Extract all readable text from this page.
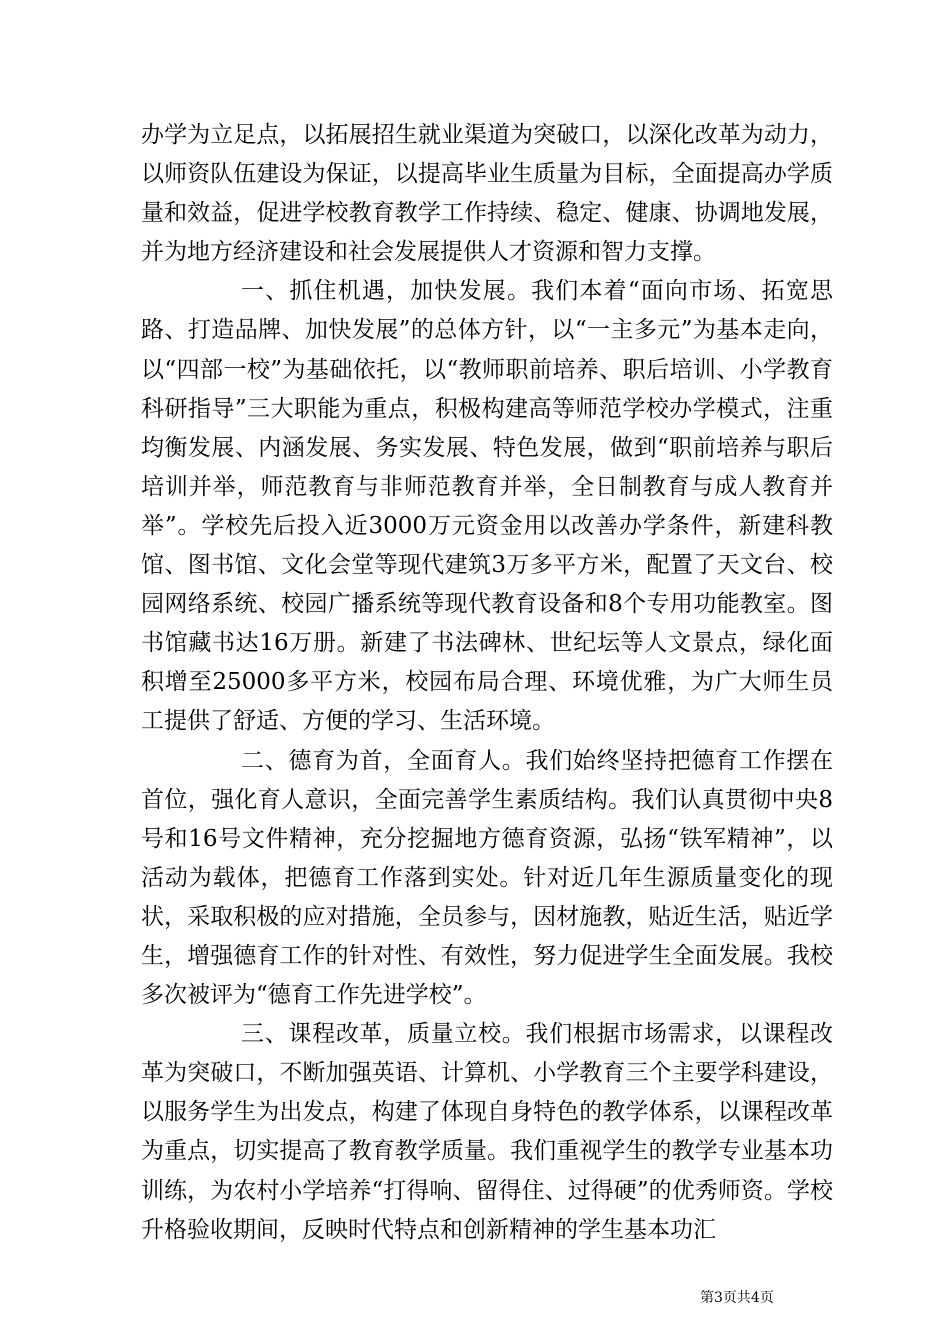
办学为立足点，以拓展招生就业渠道为突破口，以深化改革为动力，以师资队伍建设为保证，以提高毕业生质量为目标，全面提高办学质量和效益，促进学校教育教学工作持续、稳定、健康、协调地发展，并为地方经济建设和社会发展提供人才资源和智力支撑。

一、抓住机遇，加快发展。我们本着“面向市场、拓宽思路、打造品牌、加快发展”的总体方针，以“一主多元”为基本走向，以“四部一校”为基础依托，以“教师职前培养、职后培训、小学教育科研指导”三大职能为重点，积极构建高等师范学校办学模式，注重均衡发展、内涵发展、务实发展、特色发展，做到“职前培养与职后培训并举，师范教育与非师范教育并举，全日制教育与成人教育并举”。学校先后投入近3000万元资金用以改善办学条件，新建科教馆、图书馆、文化会堂等现代建筑3万多平方米，配置了天文台、校园网络系统、校园广播系统等现代教育设备和8个专用功能教室。图书馆藏书达16万册。新建了书法碑林、世纪坛等人文景点，绿化面积增至25000多平方米，校园布局合理、环境优雅，为广大师生员工提供了舒适、方便的学习、生活环境。

二、德育为首，全面育人。我们始终坚持把德育工作摆在首位，强化育人意识，全面完善学生素质结构。我们认真贯彻中央8号和16号文件精神，充分挖掘地方德育资源，弘扬“铁军精神”，以活动为载体，把德育工作落到实处。针对近几年生源质量变化的现状，采取积极的应对措施，全员参与，因材施教，贴近生活，贴近学生，增强德育工作的针对性、有效性，努力促进学生全面发展。我校多次被评为“德育工作先进学校”。

三、课程改革，质量立校。我们根据市场需求，以课程改革为突破口，不断加强英语、计算机、小学教育三个主要学科建设，以服务学生为出发点，构建了体现自身特色的教学体系，以课程改革为重点，切实提高了教育教学质量。我们重视学生的教学专业基本功训练，为农村小学培养“打得响、留得住、过得硬”的优秀师资。学校升格验收期间，反映时代特点和创新精神的学生基本功汇

第3页共4页
